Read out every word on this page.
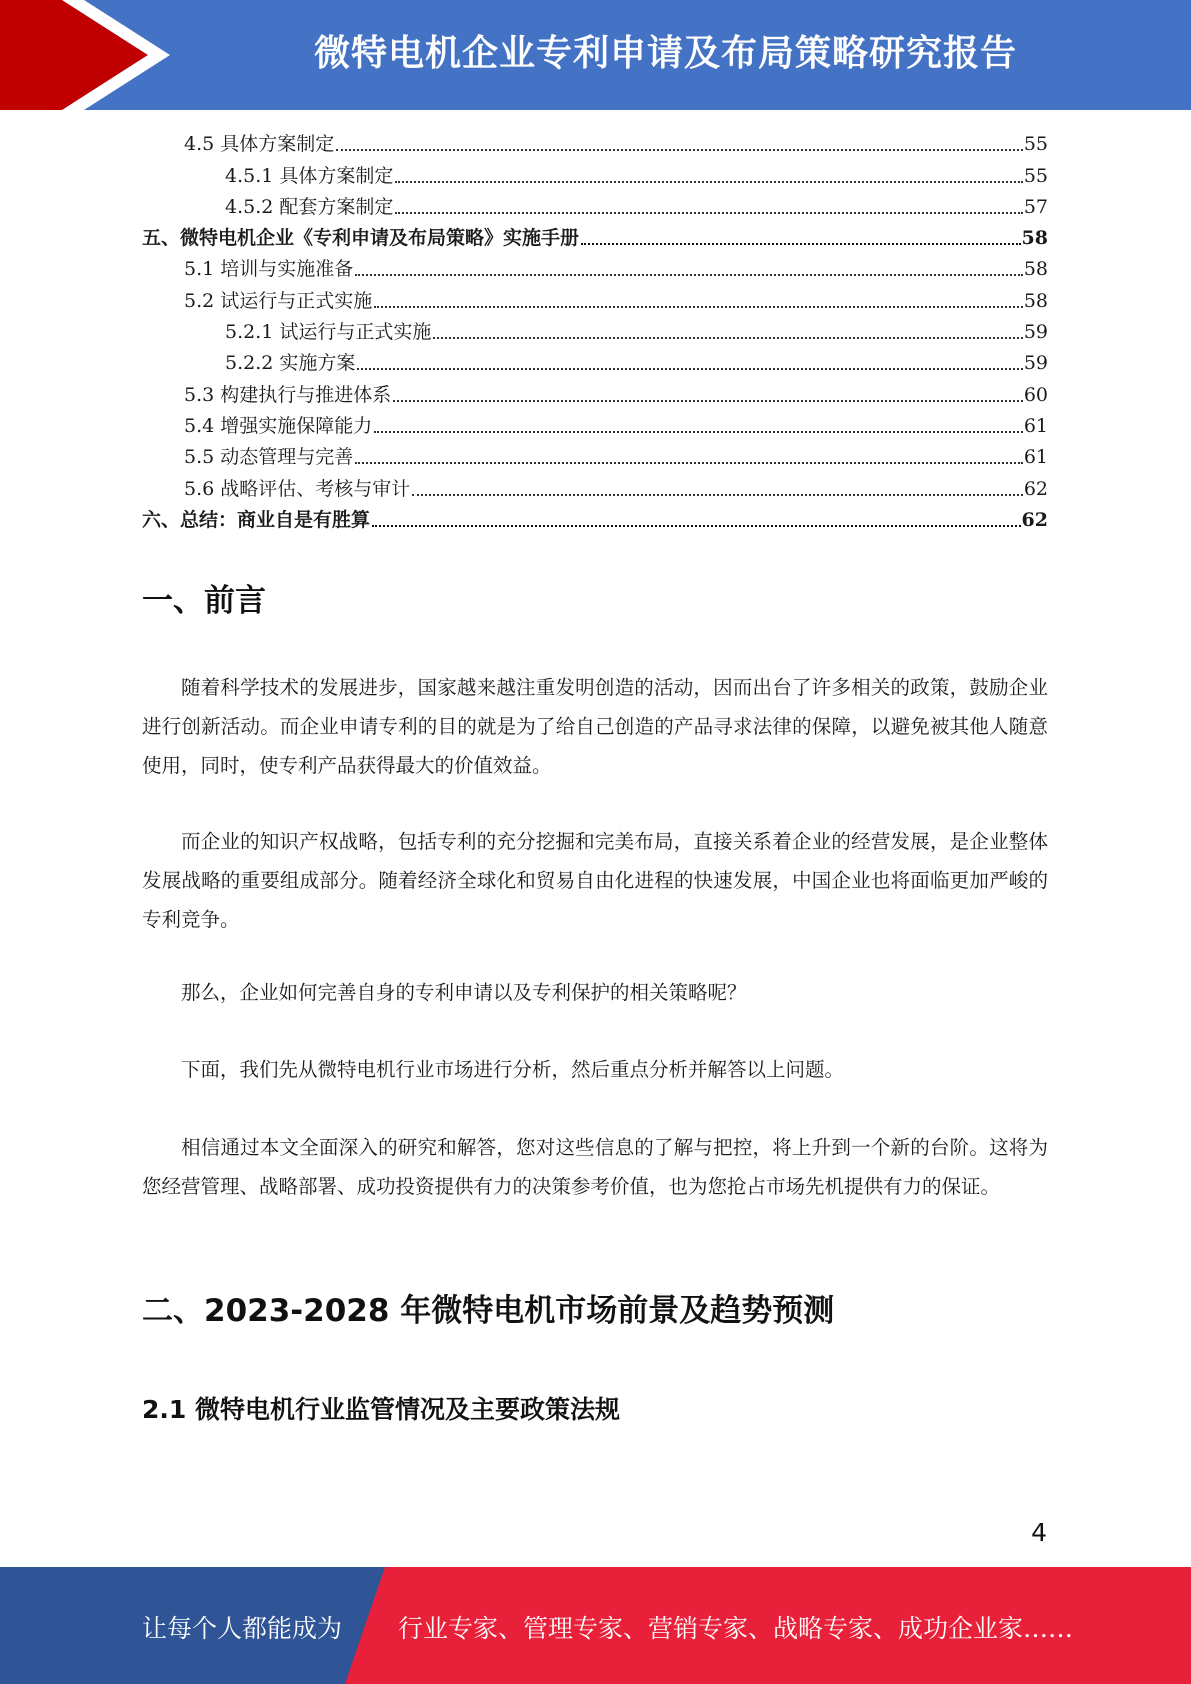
微特电机企业专利申请及布局策略研究报告
4.5 具体方案制定	55
4.5.1 具体方案制定	55
4.5.2 配套方案制定	57
五、微特电机企业《专利申请及布局策略》实施手册	58
5.1 培训与实施准备	58
5.2 试运行与正式实施	58
5.2.1 试运行与正式实施	59
5.2.2 实施方案	59
5.3 构建执行与推进体系	60
5.4 增强实施保障能力	61
5.5 动态管理与完善	61
5.6 战略评估、考核与审计	62
六、总结：商业自是有胜算	62
一、前言

随着科学技术的发展进步，国家越来越注重发明创造的活动，因而出台了许多相关的政策，鼓励企业进行创新活动。而企业申请专利的目的就是为了给自己创造的产品寻求法律的保障，以避免被其他人随意使用，同时，使专利产品获得最大的价值效益。

而企业的知识产权战略，包括专利的充分挖掘和完美布局，直接关系着企业的经营发展，是企业整体发展战略的重要组成部分。随着经济全球化和贸易自由化进程的快速发展，中国企业也将面临更加严峻的专利竞争。

那么，企业如何完善自身的专利申请以及专利保护的相关策略呢？

下面，我们先从微特电机行业市场进行分析，然后重点分析并解答以上问题。

相信通过本文全面深入的研究和解答，您对这些信息的了解与把控，将上升到一个新的台阶。这将为您经营管理、战略部署、成功投资提供有力的决策参考价值，也为您抢占市场先机提供有力的保证。

二、2023-2028 年微特电机市场前景及趋势预测
2.1 微特电机行业监管情况及主要政策法规
4
让每个人都能成为 行业专家、管理专家、营销专家、战略专家、成功企业家……
